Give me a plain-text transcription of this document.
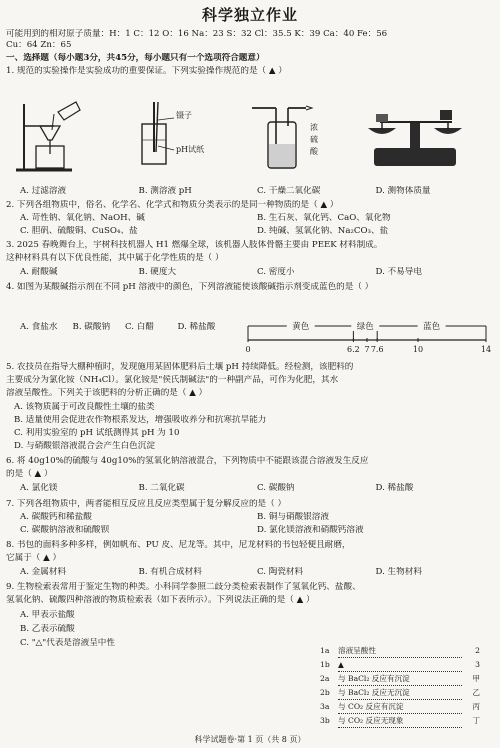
科学独立作业
可能用到的相对原子质量：H：1 C：12 O：16 Na：23 S：32 Cl：35.5 K：39 Ca：40 Fe：56
Cu：64 Zn：65
一、选择题（每小题3分，共45分，每小题只有一个选项符合题意）
1. 规范的实验操作是实验成功的重要保证。下列实验操作规范的是（ ▲ ）
镊子
pH试纸
浓
硫
酸
A. 过滤溶液	B. 测溶液 pH	C. 干燥二氧化碳	D. 测物体质量
2. 下列各组物质中，俗名、化学名、化学式和物质分类表示的是同一种物质的是（ ▲ ）
A. 苛性钠、氧化钠、NaOH、碱	B. 生石灰、氧化钙、CaO、氧化物
C. 胆矾、硫酸铜、CuSO₄、盐	D. 纯碱、氢氧化钠、Na₂CO₃、盐
3. 2025 春晚舞台上，宇树科技机器人 H1 燃爆全球，该机器人肢体骨骼主要由 PEEK 材料制成。
这种材料具有以下优良性能，其中属于化学性质的是（ ）
A. 耐酸碱	B. 硬度大	C. 密度小	D. 不易导电
4. 如图为某酸碱指示剂在不同 pH 溶液中的颜色，下列溶液能使该酸碱指示剂变成蓝色的是（ ）
A. 食盐水	B. 碳酸钠	C. 白醋	D. 稀盐酸	黄色	绿色	蓝色
0	6.2 7 7.6	10	14
5. 农技员在指导大棚种植时，发现施用某固体肥料后土壤 pH 持续降低。经检测，该肥料的
主要成分为氯化铵（NH₄Cl）。氯化铵是"侯氏制碱法"的一种副产品，可作为化肥，其水
溶液呈酸性。下列关于该肥料的分析正确的是（ ▲ ）
A. 该物质属于可改良酸性土壤的盐类
B. 适量使用会促进农作物根系发达，增强吸收养分和抗寒抗旱能力
C. 利用实验室的 pH 试纸测得其 pH 为 10
D. 与硝酸银溶液混合会产生白色沉淀
6. 将 40g10%的硫酸与 40g10%的氢氧化钠溶液混合，下列物质中不能跟该混合溶液发生反应
的是（ ▲ ）
A. 氯化镁	B. 二氧化碳	C. 碳酸钠	D. 稀盐酸
7. 下列各组物质中，两者能相互反应且反应类型属于复分解反应的是（ ）
A. 碳酸钙和稀盐酸	B. 铜与硝酸银溶液
C. 碳酸钠溶液和硫酸钡	D. 氯化镁溶液和硝酸钙溶液
8. 书包的面料多种多样，例如帆布、PU 皮、尼龙等。其中，尼龙材料的书包轻便且耐磨，
它属于（ ▲ ）
A. 金属材料	B. 有机合成材料	C. 陶瓷材料	D. 生物材料
9. 生物检索表常用于鉴定生物的种类。小科同学参照二歧分类检索表制作了氢氧化钙、盐酸、
氢氧化钠、硫酸四种溶液的物质检索表（如下表所示）。下列说法正确的是（ ▲ ）
A. 甲表示盐酸
B. 乙表示硫酸
C. "△"代表是溶液呈中性
1a	溶液呈酸性	2
1b	▲	3
2a	与 BaCl₂ 反应有沉淀	甲
2b	与 BaCl₂ 反应无沉淀	乙
3a	与 CO₂ 反应有沉淀	丙
3b	与 CO₂ 反应无现象	丁
科学试题卷·第 1 页（共 8 页）
